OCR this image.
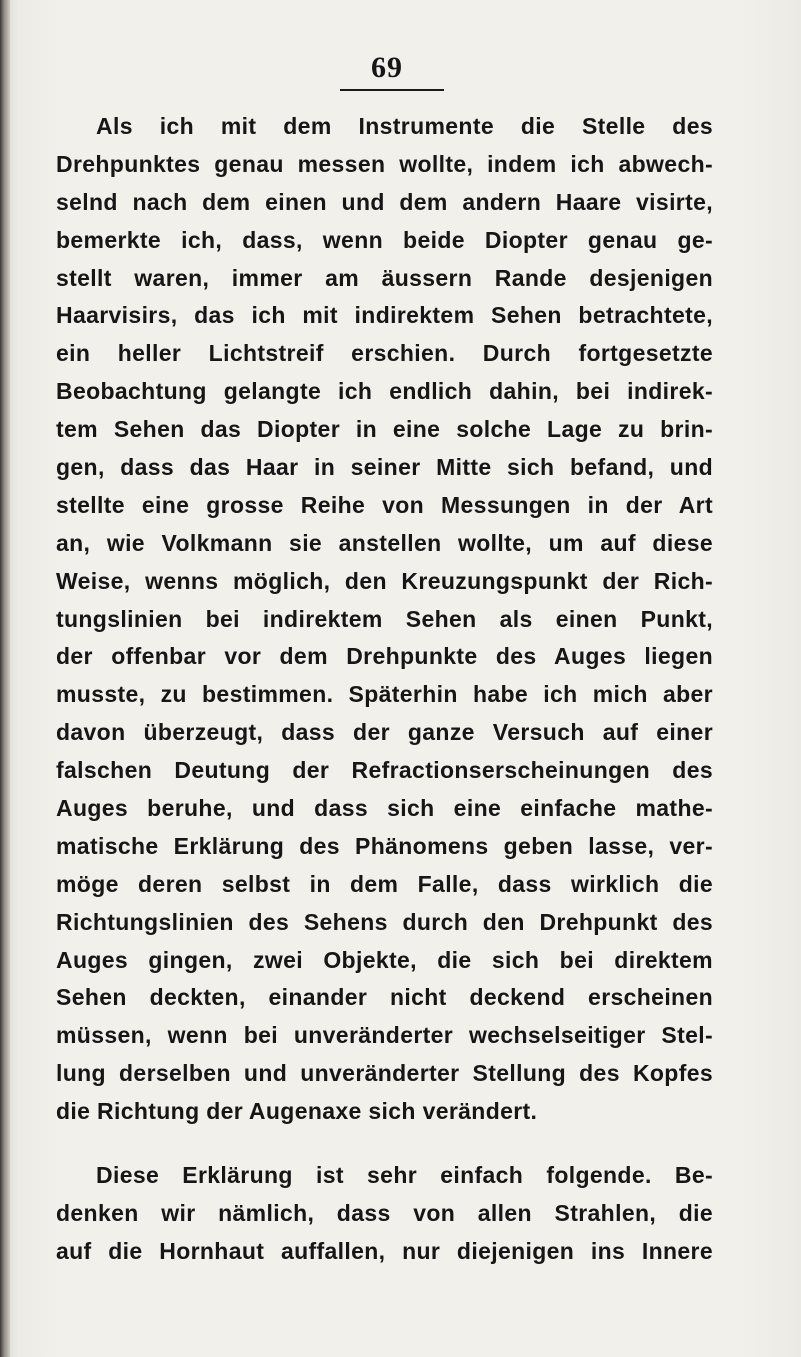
69
Als ich mit dem Instrumente die Stelle des
Drehpunktes genau messen wollte, indem ich abwech-
selnd nach dem einen und dem andern Haare visirte,
bemerkte ich, dass, wenn beide Diopter genau ge-
stellt waren, immer am äussern Rande desjenigen
Haarvisirs, das ich mit indirektem Sehen betrachtete,
ein heller Lichtstreif erschien. Durch fortgesetzte
Beobachtung gelangte ich endlich dahin, bei indirek-
tem Sehen das Diopter in eine solche Lage zu brin-
gen, dass das Haar in seiner Mitte sich befand, und
stellte eine grosse Reihe von Messungen in der Art
an, wie Volkmann sie anstellen wollte, um auf diese
Weise, wenns möglich, den Kreuzungspunkt der Rich-
tungslinien bei indirektem Sehen als einen Punkt,
der offenbar vor dem Drehpunkte des Auges liegen
musste, zu bestimmen. Späterhin habe ich mich aber
davon überzeugt, dass der ganze Versuch auf einer
falschen Deutung der Refractionserscheinungen des
Auges beruhe, und dass sich eine einfache mathe-
matische Erklärung des Phänomens geben lasse, ver-
möge deren selbst in dem Falle, dass wirklich die
Richtungslinien des Sehens durch den Drehpunkt des
Auges gingen, zwei Objekte, die sich bei direktem
Sehen deckten, einander nicht deckend erscheinen
müssen, wenn bei unveränderter wechselseitiger Stel-
lung derselben und unveränderter Stellung des Kopfes
die Richtung der Augenaxe sich verändert.
Diese Erklärung ist sehr einfach folgende. Be-
denken wir nämlich, dass von allen Strahlen, die
auf die Hornhaut auffallen, nur diejenigen ins Innere
